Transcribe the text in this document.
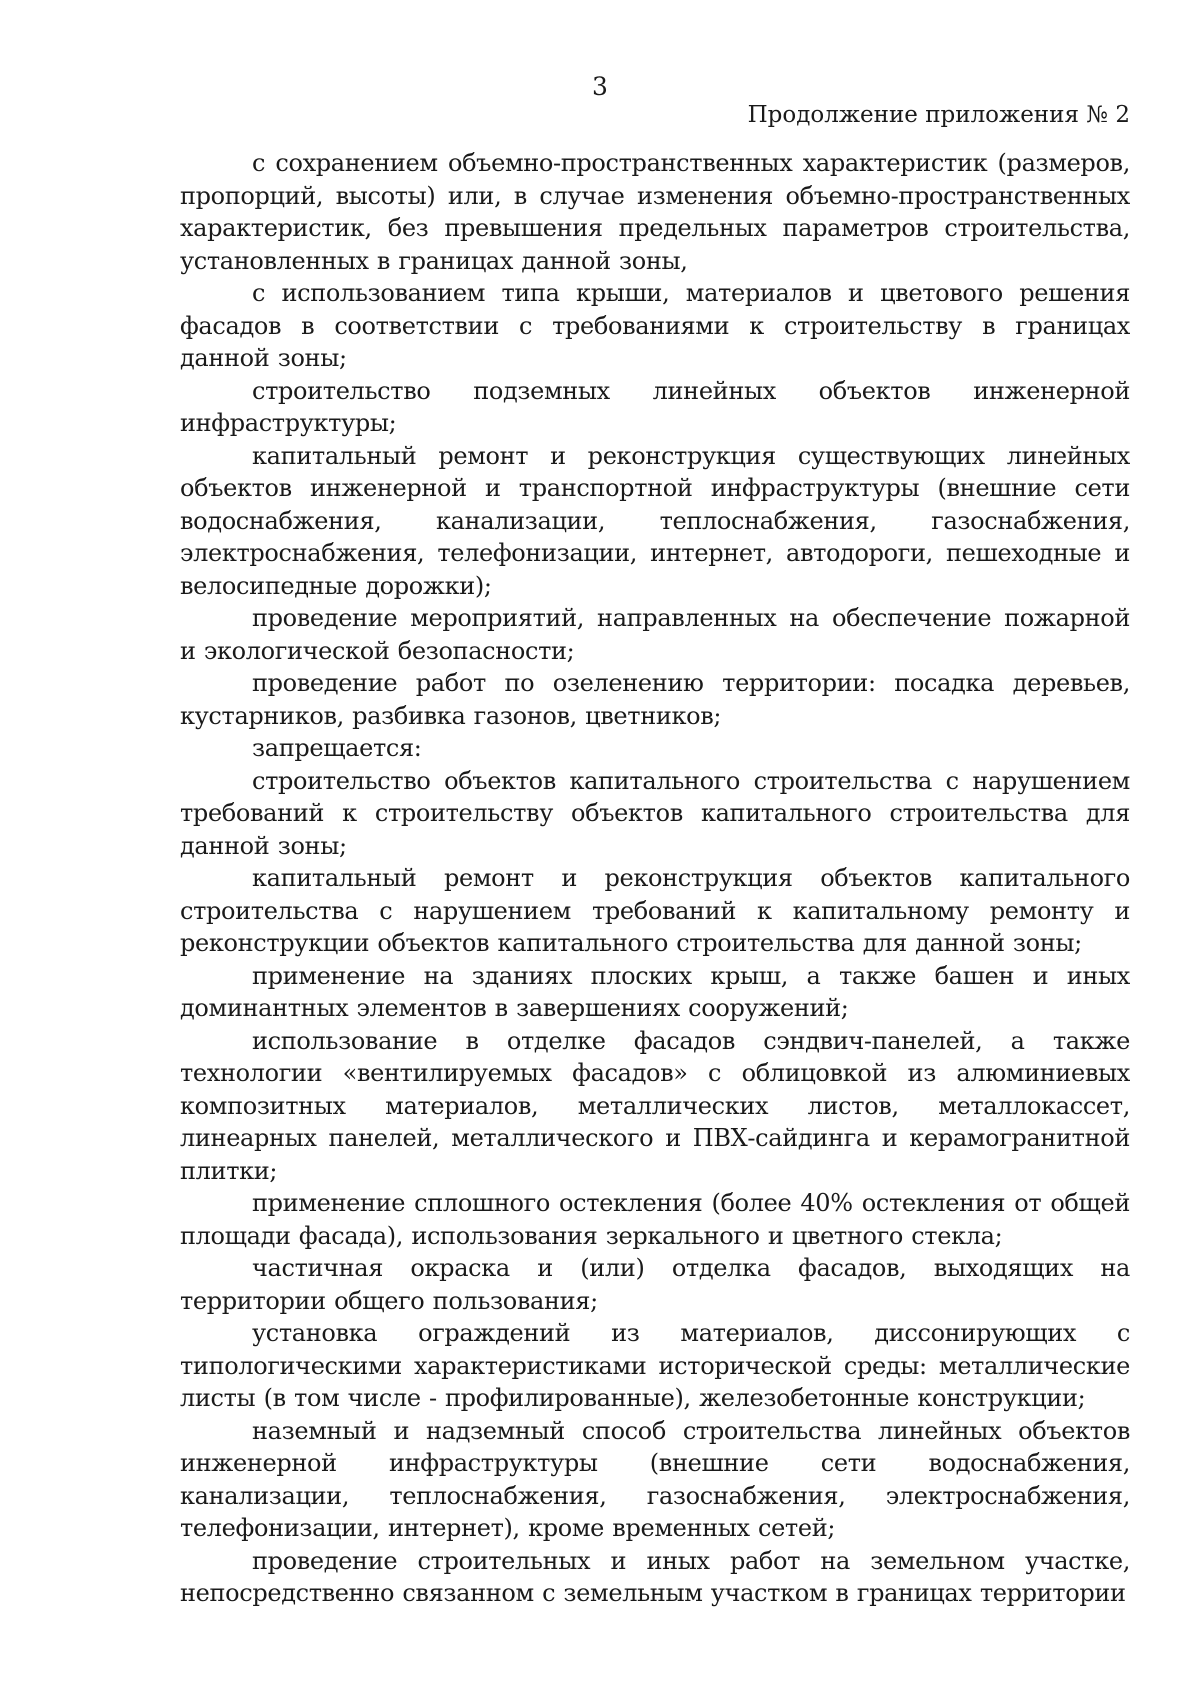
3
Продолжение приложения № 2

с сохранением объемно-пространственных характеристик (размеров, пропорций, высоты) или, в случае изменения объемно-пространственных характеристик, без превышения предельных параметров строительства, установленных в границах данной зоны,

с использованием типа крыши, материалов и цветового решения фасадов в соответствии с требованиями к строительству в границах данной зоны;

строительство подземных линейных объектов инженерной инфраструктуры;

капитальный ремонт и реконструкция существующих линейных объектов инженерной и транспортной инфраструктуры (внешние сети водоснабжения, канализации, теплоснабжения, газоснабжения, электроснабжения, телефонизации, интернет, автодороги, пешеходные и велосипедные дорожки);

проведение мероприятий, направленных на обеспечение пожарной и экологической безопасности;

проведение работ по озеленению территории: посадка деревьев, кустарников, разбивка газонов, цветников;

запрещается:

строительство объектов капитального строительства с нарушением требований к строительству объектов капитального строительства для данной зоны;

капитальный ремонт и реконструкция объектов капитального строительства с нарушением требований к капитальному ремонту и реконструкции объектов капитального строительства для данной зоны;

применение на зданиях плоских крыш, а также башен и иных доминантных элементов в завершениях сооружений;

использование в отделке фасадов сэндвич-панелей, а также технологии «вентилируемых фасадов» с облицовкой из алюминиевых композитных материалов, металлических листов, металлокассет, линеарных панелей, металлического и ПВХ-сайдинга и керамогранитной плитки;

применение сплошного остекления (более 40% остекления от общей площади фасада), использования зеркального и цветного стекла;

частичная окраска и (или) отделка фасадов, выходящих на территории общего пользования;

установка ограждений из материалов, диссонирующих с типологическими характеристиками исторической среды: металлические листы (в том числе - профилированные), железобетонные конструкции;

наземный и надземный способ строительства линейных объектов инженерной инфраструктуры (внешние сети водоснабжения, канализации, теплоснабжения, газоснабжения, электроснабжения, телефонизации, интернет), кроме временных сетей;

проведение строительных и иных работ на земельном участке, непосредственно связанном с земельным участком в границах территории
